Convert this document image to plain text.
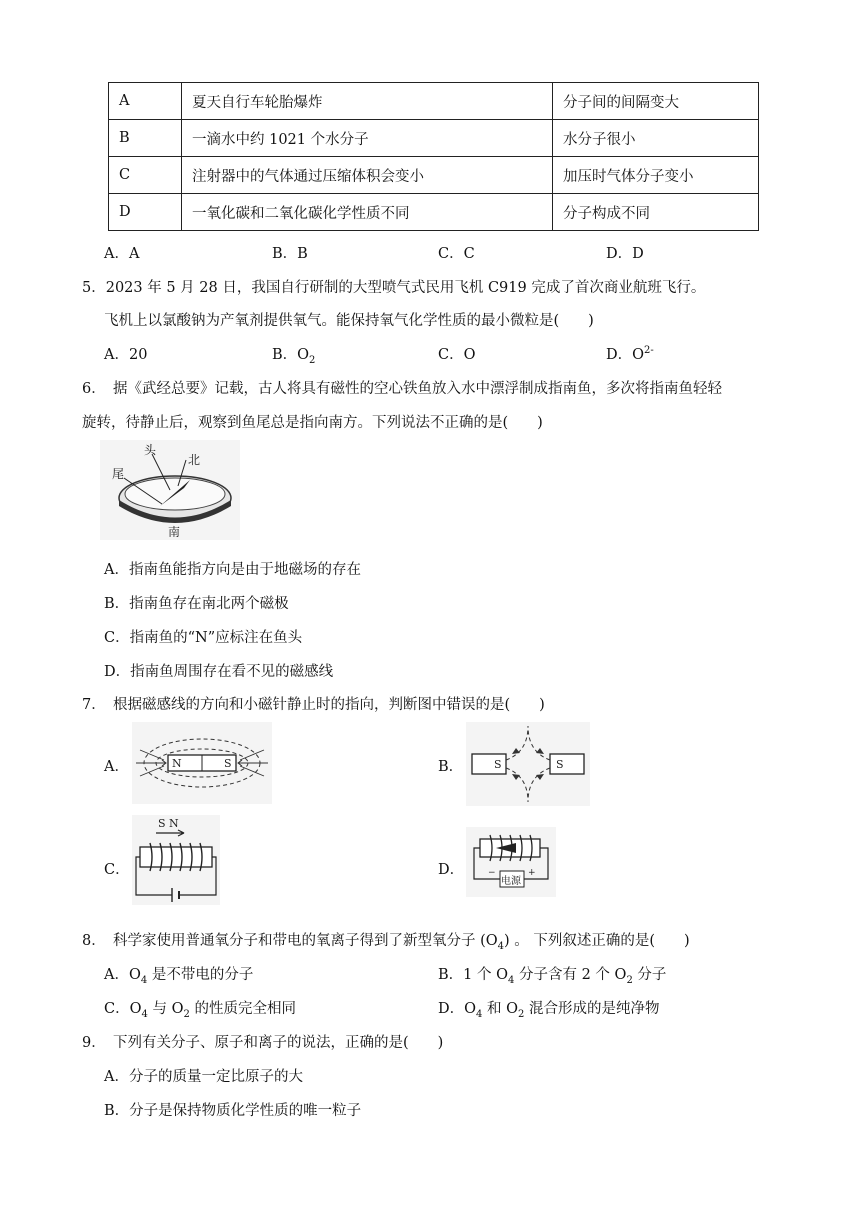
A	夏天自行车轮胎爆炸	分子间的间隔变大
B	一滴水中约 1021 个水分子	水分子很小
C	注射器中的气体通过压缩体积会变小	加压时气体分子变小
D	一氧化碳和二氧化碳化学性质不同	分子构成不同
A．A	B．B	C．C	D．D
5．2023 年 5 月 28 日，我国自行研制的大型喷气式民用飞机 C919 完成了首次商业航班飞行。
飞机上以氯酸钠为产氧剂提供氧气。能保持氧气化学性质的最小微粒是(　　)
A．20	B．$O_2$	C．O	D．$O^{2-}$
6．　据《武经总要》记载，古人将具有磁性的空心铁鱼放入水中漂浮制成指南鱼，多次将指南鱼轻轻
旋转，待静止后，观察到鱼尾总是指向南方。下列说法不正确的是(　　)
头
北
尾
南
A．指南鱼能指方向是由于地磁场的存在
B．指南鱼存在南北两个磁极
C．指南鱼的“N”应标注在鱼头
D．指南鱼周围存在看不见的磁感线
7．　根据磁感线的方向和小磁针静止时的指向，判断图中错误的是(　　)
A．	N	S	B．	S	S
C．
S N
D．
电源
−	+
8．　科学家使用普通氧分子和带电的氧离子得到了新型氧分子 $(O_4)$ 。 下列叙述正确的是(　　)
A．$O_4$ 是不带电的分子	B．1 个 $O_4$ 分子含有 2 个 $O_2$ 分子
C．$O_4$ 与 $O_2$ 的性质完全相同	D．$O_4$ 和 $O_2$ 混合形成的是纯净物
9．　下列有关分子、原子和离子的说法，正确的是(　　)
A．分子的质量一定比原子的大
B．分子是保持物质化学性质的唯一粒子
